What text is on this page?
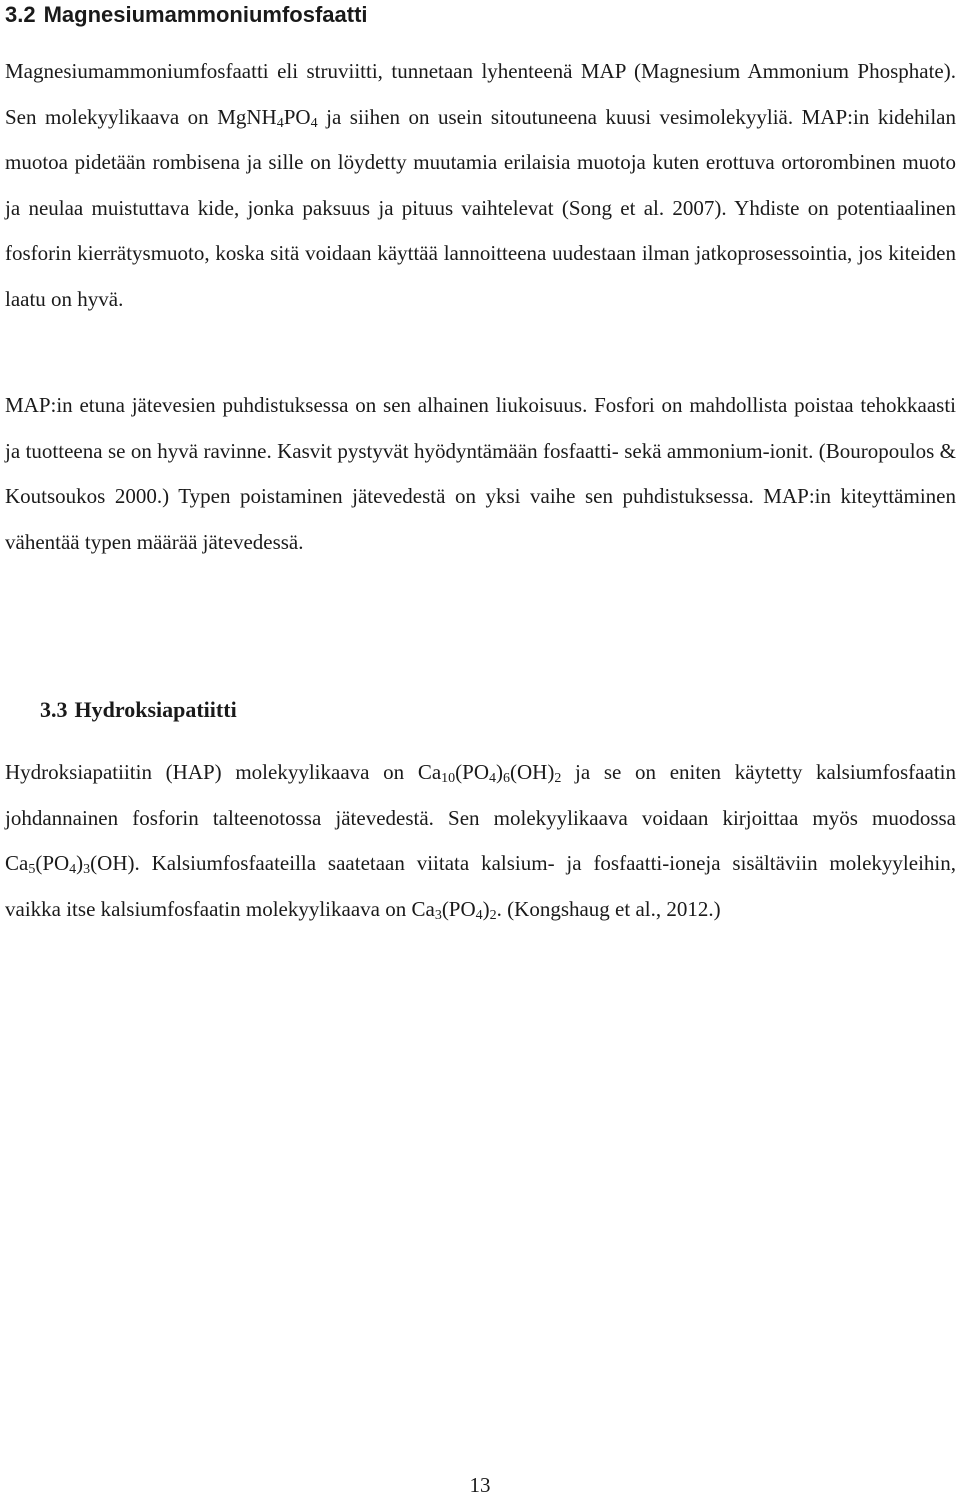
3.2 Magnesiumammoniumfosfaatti

Magnesiumammoniumfosfaatti eli struviitti, tunnetaan lyhenteenä MAP (Magnesium Ammonium Phosphate). Sen molekyylikaava on $MgNH_4PO_4$ ja siihen on usein sitoutuneena kuusi vesimolekyyliä. MAP:in kidehilan muotoa pidetään rombisena ja sille on löydetty muutamia erilaisia muotoja kuten erottuva ortorombinen muoto ja neulaa muistuttava kide, jonka paksuus ja pituus vaihtelevat (Song et al. 2007). Yhdiste on potentiaalinen fosforin kierrätysmuoto, koska sitä voidaan käyttää lannoitteena uudestaan ilman jatkoprosessointia, jos kiteiden laatu on hyvä.

MAP:in etuna jätevesien puhdistuksessa on sen alhainen liukoisuus. Fosfori on mahdollista poistaa tehokkaasti ja tuotteena se on hyvä ravinne. Kasvit pystyvät hyödyntämään fosfaatti- sekä ammonium-ionit. (Bouropoulos & Koutsoukos 2000.) Typen poistaminen jätevedestä on yksi vaihe sen puhdistuksessa. MAP:in kiteyttäminen vähentää typen määrää jätevedessä.

3.3 Hydroksiapatiitti

Hydroksiapatiitin (HAP) molekyylikaava on $Ca_{10}(PO_4)_6(OH)_2$ ja se on eniten käytetty kalsiumfosfaatin johdannainen fosforin talteenotossa jätevedestä. Sen molekyylikaava voidaan kirjoittaa myös muodossa $Ca_5(PO_4)_3(OH)$. Kalsiumfosfaateilla saatetaan viitata kalsium- ja fosfaatti-ioneja sisältäviin molekyyleihin, vaikka itse kalsiumfosfaatin molekyylikaava on $Ca_3(PO_4)_2$. (Kongshaug et al., 2012.)

13
